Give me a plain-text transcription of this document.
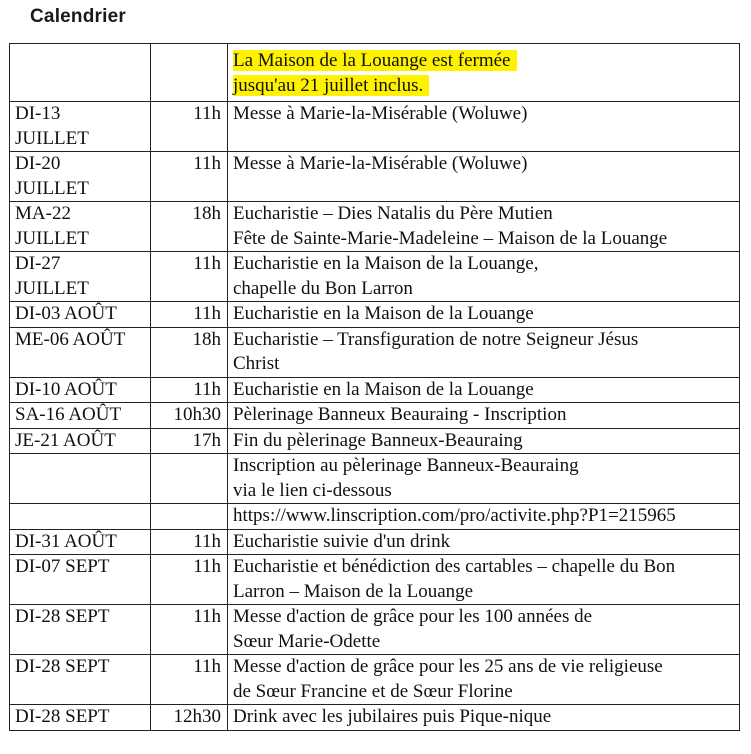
Calendrier

		La Maison de la Louange est fermée
jusqu'au 21 juillet inclus.

DI-13
JUILLET	11h	Messe à Marie-la-Misérable (Woluwe)

DI-20
JUILLET	11h	Messe à Marie-la-Misérable (Woluwe)

MA-22
JUILLET	18h	Eucharistie – Dies Natalis du Père Mutien
Fête de Sainte-Marie-Madeleine – Maison de la Louange

DI-27
JUILLET	11h	Eucharistie en la Maison de la Louange,
chapelle du Bon Larron

DI-03 AOÛT	11h	Eucharistie en la Maison de la Louange

ME-06 AOÛT	18h	Eucharistie – Transfiguration de notre Seigneur Jésus
Christ

DI-10 AOÛT	11h	Eucharistie en la Maison de la Louange

SA-16 AOÛT	10h30	Pèlerinage Banneux Beauraing - Inscription

JE-21 AOÛT	17h	Fin du pèlerinage Banneux-Beauraing

		Inscription au pèlerinage Banneux-Beauraing
via le lien ci-dessous

		https://www.linscription.com/pro/activite.php?P1=215965

DI-31 AOÛT	11h	Eucharistie suivie d'un drink

DI-07 SEPT	11h	Eucharistie et bénédiction des cartables – chapelle du Bon
Larron – Maison de la Louange

DI-28 SEPT	11h	Messe d'action de grâce pour les 100 années de
Sœur Marie-Odette

DI-28 SEPT	11h	Messe d'action de grâce pour les 25 ans de vie religieuse
de Sœur Francine et de Sœur Florine

DI-28 SEPT	12h30	Drink avec les jubilaires puis Pique-nique
